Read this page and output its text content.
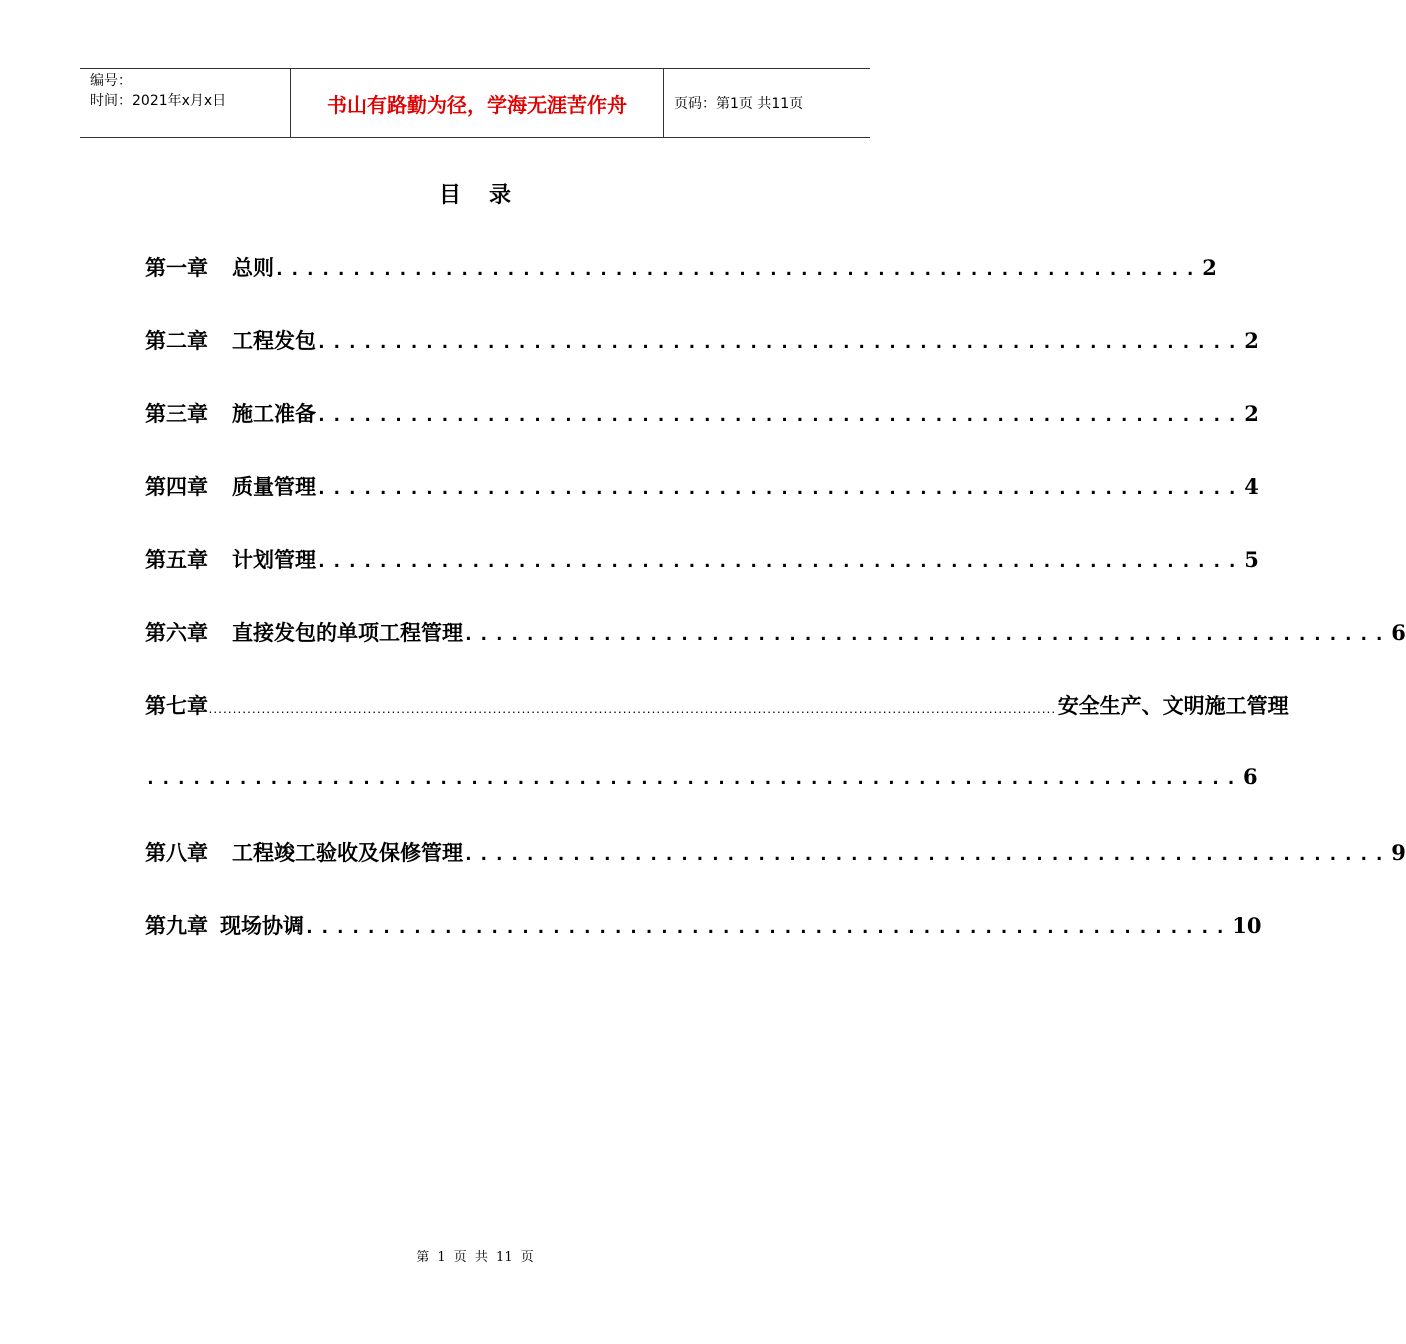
编号：
时间：2021年x月x日	书山有路勤为径，学海无涯苦作舟	页码：第1页 共11页
目录
第一章 总则 ............................................................ 2
第二章 工程发包 ............................................................ 2
第三章 施工准备 ............................................................ 2
第四章 质量管理 ............................................................ 4
第五章 计划管理 ............................................................ 5
第六章 直接发包的单项工程管理 ............................................................ 6
第七章 ................................................................................................................................................................................ 安全生产、文明施工管理
....................................................................... 6
第八章 工程竣工验收及保修管理 ............................................................ 9
第九章 现场协调 ............................................................ 10
第 1 页 共 11 页
